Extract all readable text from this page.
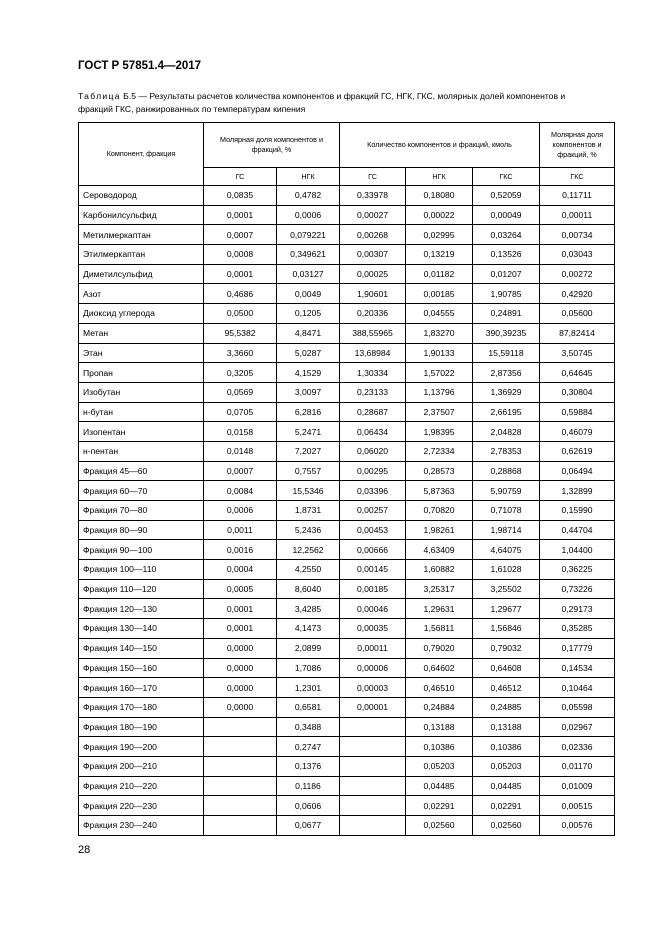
ГОСТ Р 57851.4—2017
Таблица Б.5 — Результаты расчетов количества компонентов и фракций ГС, НГК, ГКС, молярных долей компонентов и фракций ГКС, ранжированных по температурам кипения
Компонент, фракция	Молярная доля компонентов и фракций, %		Количество компонентов и фракций, кмоль			Молярная доля компонентов и фракций, %
	ГС	НГК	ГС	НГК	ГКС	ГКС
Сероводород	0,0835	0,4782	0,33978	0,18080	0,52059	0,11711
Карбонилсульфид	0,0001	0,0006	0,00027	0,00022	0,00049	0,00011
Метилмеркаптан	0,0007	0,079221	0,00268	0,02995	0,03264	0,00734
Этилмеркаптан	0,0008	0,349621	0,00307	0,13219	0,13526	0,03043
Диметилсульфид	0,0001	0,03127	0,00025	0,01182	0,01207	0,00272
Азот	0,4686	0,0049	1,90601	0,00185	1,90785	0,42920
Диоксид углерода	0,0500	0,1205	0,20336	0,04555	0,24891	0,05600
Метан	95,5382	4,8471	388,55965	1,83270	390,39235	87,82414
Этан	3,3660	5,0287	13,68984	1,90133	15,59118	3,50745
Пропан	0,3205	4,1529	1,30334	1,57022	2,87356	0,64645
Изобутан	0,0569	3,0097	0,23133	1,13796	1,36929	0,30804
н-бутан	0,0705	6,2816	0,28687	2,37507	2,66195	0,59884
Изопентан	0,0158	5,2471	0,06434	1,98395	2,04828	0,46079
н-пентан	0,0148	7,2027	0,06020	2,72334	2,78353	0,62619
Фракция 45—60	0,0007	0,7557	0,00295	0,28573	0,28868	0,06494
Фракция 60—70	0,0084	15,5346	0,03396	5,87363	5,90759	1,32899
Фракция 70—80	0,0006	1,8731	0,00257	0,70820	0,71078	0,15990
Фракция 80—90	0,0011	5,2436	0,00453	1,98261	1,98714	0,44704
Фракция 90—100	0,0016	12,2562	0,00666	4,63409	4,64075	1,04400
Фракция 100—110	0,0004	4,2550	0,00145	1,60882	1,61028	0,36225
Фракция 110—120	0,0005	8,6040	0,00185	3,25317	3,25502	0,73226
Фракция 120—130	0,0001	3,4285	0,00046	1,29631	1,29677	0,29173
Фракция 130—140	0,0001	4,1473	0,00035	1,56811	1,56846	0,35285
Фракция 140—150	0,0000	2,0899	0,00011	0,79020	0,79032	0,17779
Фракция 150—160	0,0000	1,7086	0,00006	0,64602	0,64608	0,14534
Фракция 160—170	0,0000	1,2301	0,00003	0,46510	0,46512	0,10464
Фракция 170—180	0,0000	0,6581	0,00001	0,24884	0,24885	0,05598
Фракция 180—190		0,3488		0,13188	0,13188	0,02967
Фракция 190—200		0,2747		0,10386	0,10386	0,02336
Фракция 200—210		0,1376		0,05203	0,05203	0,01170
Фракция 210—220		0,1186		0,04485	0,04485	0,01009
Фракция 220—230		0,0606		0,02291	0,02291	0,00515
Фракция 230—240		0,0677		0,02560	0,02560	0,00576
28
